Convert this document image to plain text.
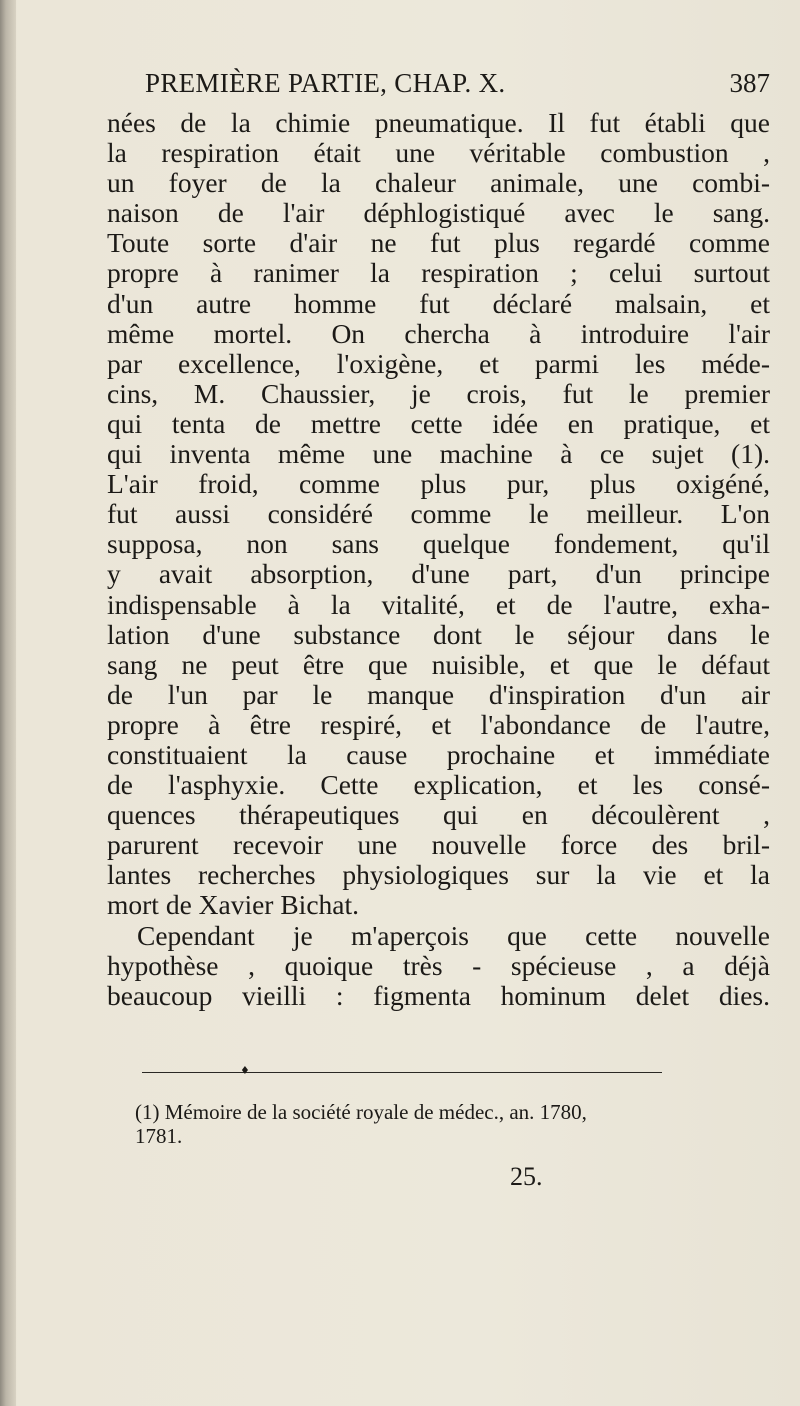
PREMIÈRE PARTIE, CHAP. X.	387
nées de la chimie pneumatique. Il fut établi que
la respiration était une véritable combustion ,
un foyer de la chaleur animale, une combi-
naison de l'air déphlogistiqué avec le sang.
Toute sorte d'air ne fut plus regardé comme
propre à ranimer la respiration ; celui surtout
d'un autre homme fut déclaré malsain, et
même mortel. On chercha à introduire l'air
par excellence, l'oxigène, et parmi les méde-
cins, M. Chaussier, je crois, fut le premier
qui tenta de mettre cette idée en pratique, et
qui inventa même une machine à ce sujet (1).
L'air froid, comme plus pur, plus oxigéné,
fut aussi considéré comme le meilleur. L'on
supposa, non sans quelque fondement, qu'il
y avait absorption, d'une part, d'un principe
indispensable à la vitalité, et de l'autre, exha-
lation d'une substance dont le séjour dans le
sang ne peut être que nuisible, et que le défaut
de l'un par le manque d'inspiration d'un air
propre à être respiré, et l'abondance de l'autre,
constituaient la cause prochaine et immédiate
de l'asphyxie. Cette explication, et les consé-
quences thérapeutiques qui en découlèrent ,
parurent recevoir une nouvelle force des bril-
lantes recherches physiologiques sur la vie et la
mort de Xavier Bichat.
Cependant je m'aperçois que cette nouvelle
hypothèse , quoique très - spécieuse , a déjà
beaucoup vieilli : figmenta hominum delet dies.
♦
(1) Mémoire de la société royale de médec., an. 1780,
1781.
25.
